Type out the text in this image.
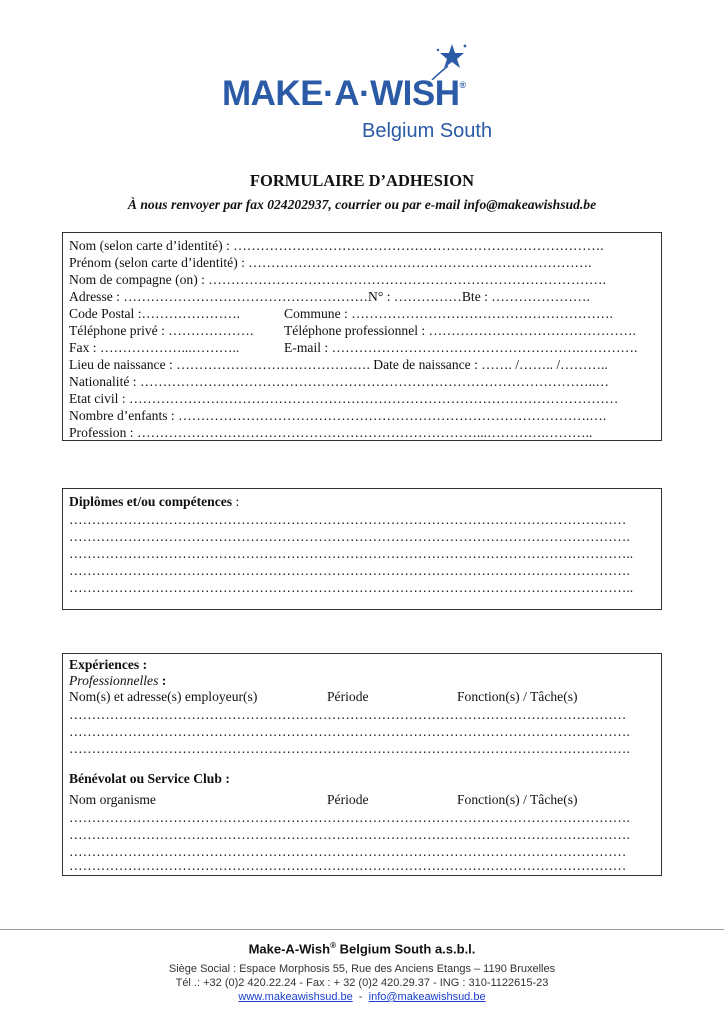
MAKE·A·WISH®
Belgium South
FORMULAIRE D’ADHESION
À nous renvoyer par fax 024202937, courrier ou par e-mail info@makeawishsud.be
Nom (selon carte d’identité) : ……………………………………………………………………….
Prénom (selon carte d’identité) : ………………………………………………………………….
Nom de compagne (on) : …………………………………………………………………………….
Adresse : ………………………………………………N° : ……………Bte : ………………….
Code Postal :………………….	Commune : ………………………………………………….
Téléphone privé : ……………….	Téléphone professionnel : ……………………………………….
Fax : ………………...………..	E-mail : ……………………………………………….………….
Lieu de naissance : ……………………………………. Date de naissance : ……. /…….. /………..
Nationalité : ………………………………………………………………………………………..…
Etat civil : ………………………………………………………………………………………………
Nombre d’enfants : ……………………………………………………………………………….….
Profession : …………………………………………………………………...………….………..
Diplômes et/ou compétences :
……………………………………………………………………………………………………………
…………………………………………………………………………………………………………….
……………………………………………………………………………………………………………..
…………………………………………………………………………………………………………….
……………………………………………………………………………………………………………..
Expériences :
Professionnelles :
Nom(s) et adresse(s) employeur(s)	Période	Fonction(s) / Tâche(s)
……………………………………………………………………………………………………………
…………………………………………………………………………………………………………….
…………………………………………………………………………………………………………….
Bénévolat ou Service Club :
Nom organisme	Période	Fonction(s) / Tâche(s)
…………………………………………………………………………………………………………….
…………………………………………………………………………………………………………….
……………………………………………………………………………………………………………
……………………………………………………………………………………………………………
Make-A-Wish® Belgium South a.s.b.l.
Siège Social : Espace Morphosis 55, Rue des Anciens Etangs – 1190 Bruxelles
Tél .: +32 (0)2 420.22.24 - Fax : + 32 (0)2 420.29.37 - ING : 310-1122615-23
www.makeawishsud.be  -  info@makeawishsud.be
